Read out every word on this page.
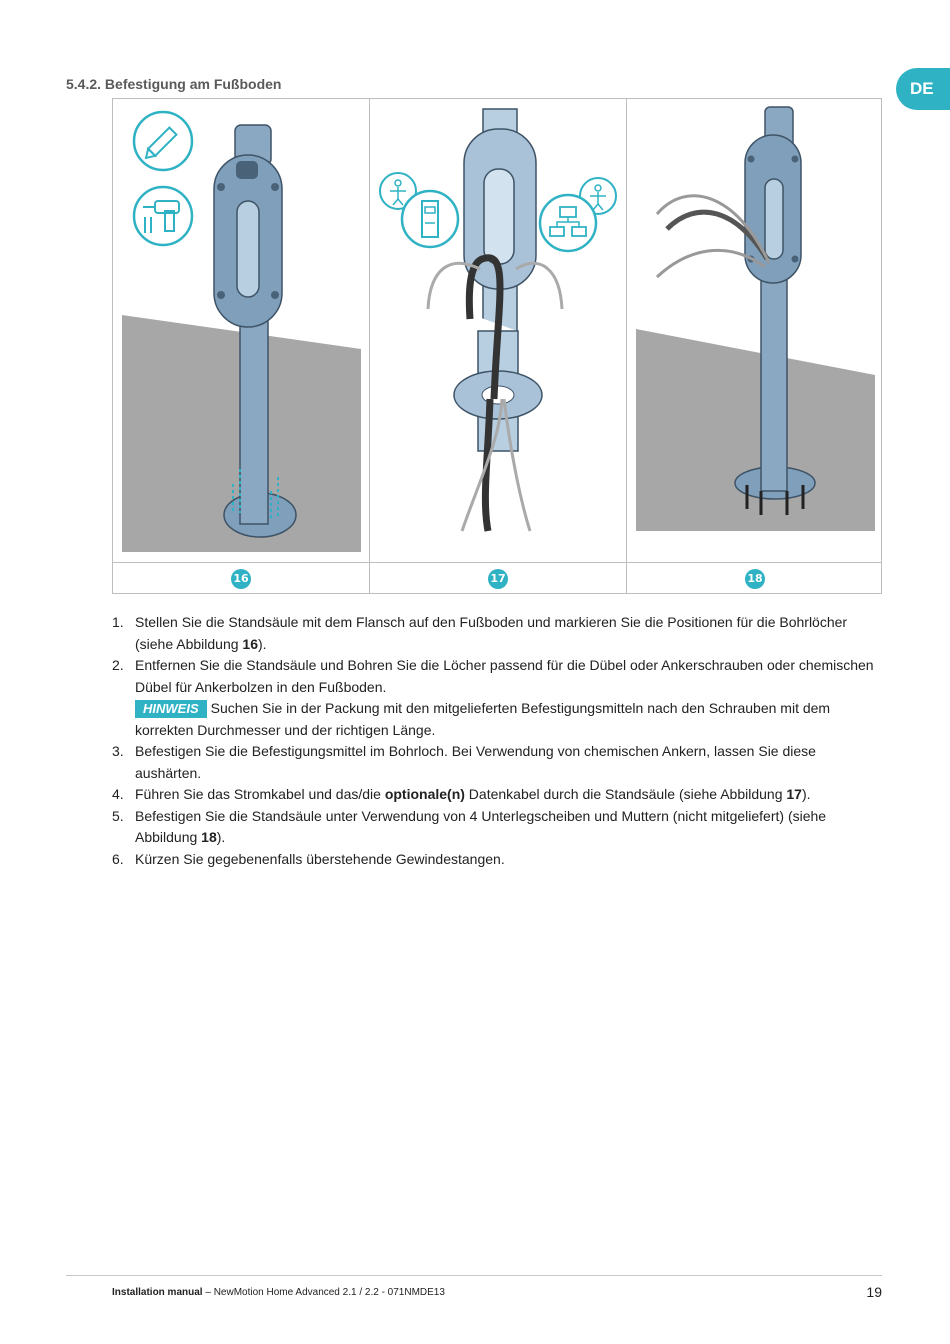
5.4.2. Befestigung am Fußboden	DE
16	17	18
1. Stellen Sie die Standsäule mit dem Flansch auf den Fußboden und markieren Sie die Positionen für die Bohrlöcher (siehe Abbildung 16).
2. Entfernen Sie die Standsäule und Bohren Sie die Löcher passend für die Dübel oder Ankerschrauben oder chemischen Dübel für Ankerbolzen in den Fußboden.
HINWEIS Suchen Sie in der Packung mit den mitgelieferten Befestigungsmitteln nach den Schrauben mit dem korrekten Durchmesser und der richtigen Länge.
3. Befestigen Sie die Befestigungsmittel im Bohrloch. Bei Verwendung von chemischen Ankern, lassen Sie diese aushärten.
4. Führen Sie das Stromkabel und das/die optionale(n) Datenkabel durch die Standsäule (siehe Abbildung 17).
5. Befestigen Sie die Standsäule unter Verwendung von 4 Unterlegscheiben und Muttern (nicht mitgeliefert) (siehe Abbildung 18).
6. Kürzen Sie gegebenenfalls überstehende Gewindestangen.
Installation manual – NewMotion Home Advanced 2.1 / 2.2 - 071NMDE13	19
